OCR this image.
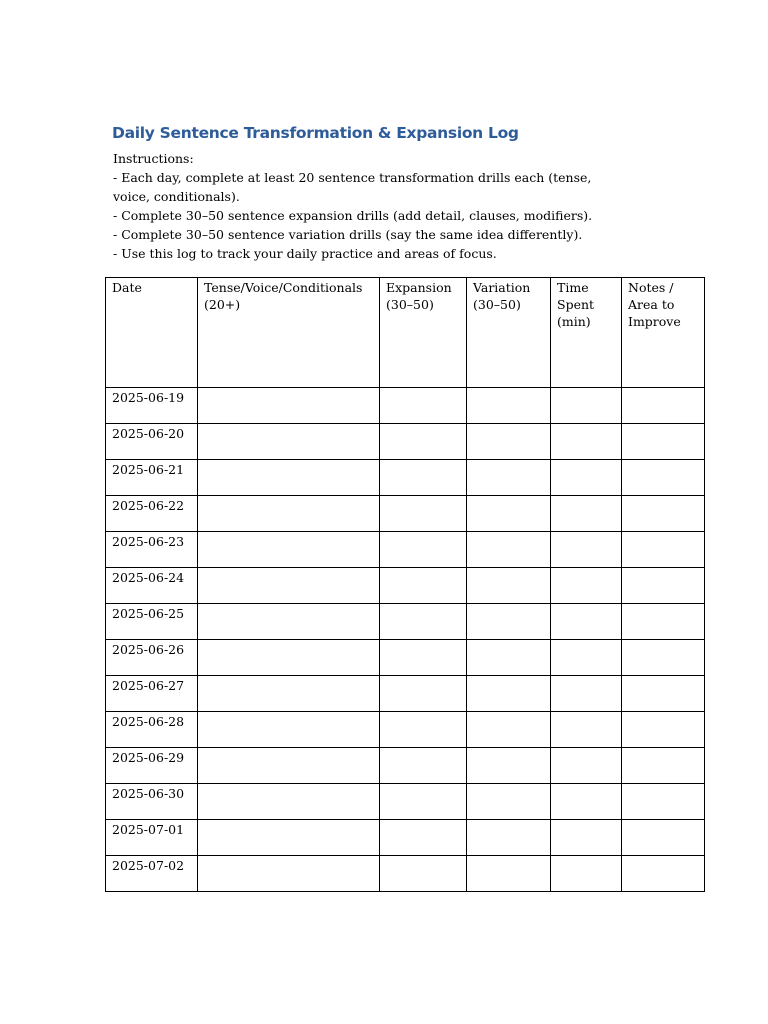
Daily Sentence Transformation & Expansion Log
Instructions:
- Each day, complete at least 20 sentence transformation drills each (tense, voice, conditionals).
- Complete 30–50 sentence expansion drills (add detail, clauses, modifiers).
- Complete 30–50 sentence variation drills (say the same idea differently).
- Use this log to track your daily practice and areas of focus.
Date	Tense/Voice/Conditionals (20+)	Expansion (30–50)	Variation (30–50)	Time Spent (min)	Notes / Area to Improve

2025-06-19					

2025-06-20					

2025-06-21					

2025-06-22					

2025-06-23					

2025-06-24					

2025-06-25					

2025-06-26					

2025-06-27					

2025-06-28					

2025-06-29					

2025-06-30					

2025-07-01					

2025-07-02					
